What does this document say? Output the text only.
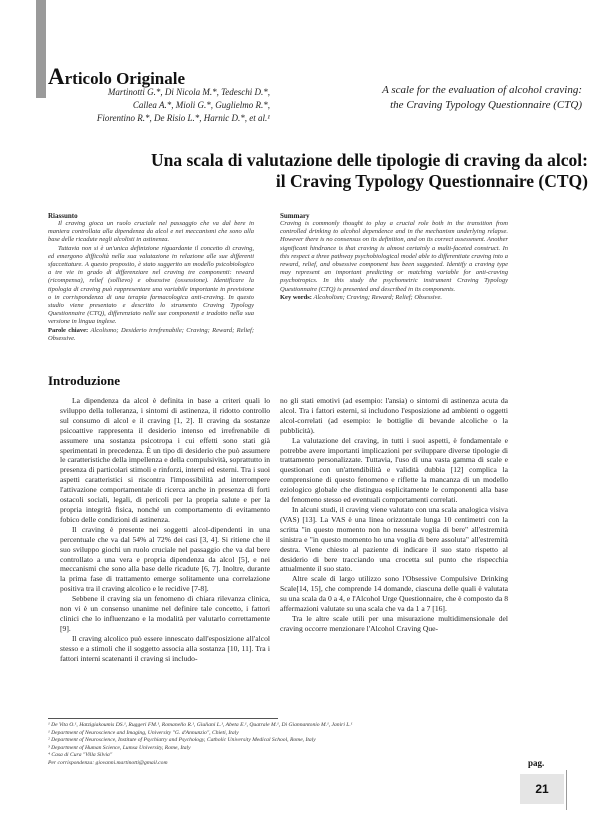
Articolo Originale
Martinotti G.*, Di Nicola M.*, Tedeschi D.*,
Callea A.*, Mioli G.*, Guglielmo R.*,
Fiorentino R.*, De Risio L.*, Harnic D.*, et al.¹
A scale for the evaluation of alcohol craving:
the Craving Typology Questionnaire (CTQ)
Una scala di valutazione delle tipologie di craving da alcol:
il Craving Typology Questionnaire (CTQ)
Riassunto

Il craving gioca un ruolo cruciale nel passaggio che va dal bere in maniera controllata alla dipendenza da alcol e nei meccanismi che sono alla base delle ricadute negli alcolisti in astinenza.

Tuttavia non si è un'unica definizione riguardante il concetto di craving, ed emergono difficoltà nella sua valutazione in relazione alle sue differenti sfaccettature. A questo proposito, è stato suggerito un modello psicobiologico a tre vie in grado di differenziare nel craving tre componenti: reward (ricompensa), relief (sollievo) e obsessive (ossessione). Identificare la tipologia di craving può rappresentare una variabile importante in previsione o in corrispondenza di una terapia farmacologica anti-craving. In questo studio viene presentato e descritto lo strumento Craving Typology Questionnaire (CTQ), differenziato nelle sue componenti e tradotto nella sua versione in lingua inglese.

Parole chiave: Alcolismo; Desiderio irrefrenabile; Craving; Reward; Relief; Obsessive.
Summary

Craving is commonly thought to play a crucial role both in the transition from controlled drinking to alcohol dependence and in the mechanism underlying relapse. However there is no consensus on its definition, and on its correct assessment. Another significant hindrance is that craving is almost certainly a multi-faceted construct. In this respect a three pathway psychobiological model able to differentiate craving into a reward, relief, and obsessive component has been suggested. Identify a craving type may represent an important predicting or matching variable for anti-craving psychotropics. In this study the psychometric instrument Craving Typology Questionnaire (CTQ) is presented and described in its components.

Key words: Alcoholism; Craving; Reward; Relief; Obsessive.
Introduzione

La dipendenza da alcol è definita in base a criteri quali lo sviluppo della tolleranza, i sintomi di astinenza, il ridotto controllo sul consumo di alcol e il craving [1, 2]. Il craving da sostanze psicoattive rappresenta il desiderio intenso ed irrefrenabile di assumere una sostanza psicotropa i cui effetti sono stati già sperimentati in precedenza. È un tipo di desiderio che può assumere le caratteristiche della impellenza e della compulsività, soprattutto in presenza di particolari stimoli e rinforzi, interni ed esterni. Tra i suoi aspetti caratteristici si riscontra l'impossibilità ad interrompere l'attivazione comportamentale di ricerca anche in presenza di forti ostacoli sociali, legali, di pericoli per la propria salute e per la propria integrità fisica, nonché un comportamento di evitamento fobico delle condizioni di astinenza.

Il craving è presente nei soggetti alcol-dipendenti in una percentuale che va dal 54% al 72% dei casi [3, 4]. Si ritiene che il suo sviluppo giochi un ruolo cruciale nel passaggio che va dal bere controllato a una vera e propria dipendenza da alcol [5], e nei meccanismi che sono alla base delle ricadute [6, 7]. Inoltre, durante la prima fase di trattamento emerge solitamente una correlazione positiva tra il craving alcolico e le recidive [7-8].

Sebbene il craving sia un fenomeno di chiara rilevanza clinica, non vi è un consenso unanime nel definire tale concetto, i fattori clinici che lo influenzano e la modalità per valutarlo correttamente [9].

Il craving alcolico può essere innescato dall'esposizione all'alcol stesso e a stimoli che il soggetto associa alla sostanza [10, 11]. Tra i fattori interni scatenanti il craving si includo-

no gli stati emotivi (ad esempio: l'ansia) o sintomi di astinenza acuta da alcol. Tra i fattori esterni, si includono l'esposizione ad ambienti o oggetti alcol-correlati (ad esempio: le bottiglie di bevande alcoliche o la pubblicità).

La valutazione del craving, in tutti i suoi aspetti, è fondamentale e potrebbe avere importanti implicazioni per sviluppare diverse tipologie di trattamento personalizzate. Tuttavia, l'uso di una vasta gamma di scale e questionari con un'attendibilità e validità dubbia [12] complica la comprensione di questo fenomeno e riflette la mancanza di un modello eziologico globale che distingua esplicitamente le componenti alla base del fenomeno stesso ed eventuali comportamenti correlati.

In alcuni studi, il craving viene valutato con una scala analogica visiva (VAS) [13]. La VAS è una linea orizzontale lunga 10 centimetri con la scritta "in questo momento non ho nessuna voglia di bere" all'estremità sinistra e "in questo momento ho una voglia di bere assoluta" all'estremità destra. Viene chiesto al paziente di indicare il suo stato rispetto al desiderio di bere tracciando una crocetta sul punto che rispecchia attualmente il suo stato.

Altre scale di largo utilizzo sono l'Obsessive Compulsive Drinking Scale[14, 15], che comprende 14 domande, ciascuna delle quali è valutata su una scala da 0 a 4, e l'Alcohol Urge Questionnaire, che è composto da 8 affermazioni valutate su una scala che va da 1 a 7 [16].

Tra le altre scale utili per una misurazione multidimensionale del craving occorre menzionare l'Alcohol Craving Que-

¹ De Vita O.¹, Hatzigiakoumis DS.¹, Ruggeri FM.¹, Romanello R.¹, Giuliani L.¹, Abeta E.¹, Quatrale M.¹, Di Giannantonio M.¹, Janiri L.¹
¹ Department of Neuroscience and Imaging, University "G. d'Annunzio", Chieti, Italy
² Department of Neuroscience, Institute of Psychiatry and Psychology, Catholic University Medical School, Rome, Italy
³ Department of Human Science, Lumsa University, Rome, Italy
⁴ Casa di Cura "Villa Silvia"
Per corrispondenza: giovanni.martinotti@gmail.com	pag.
21
